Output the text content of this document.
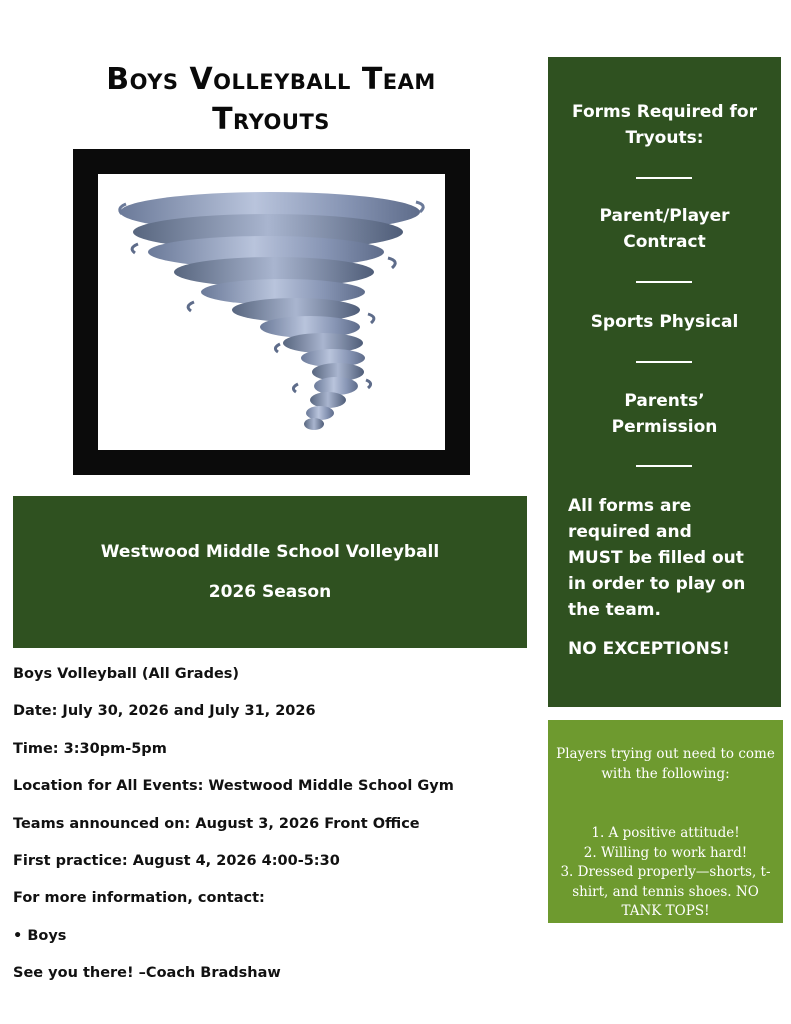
Boys Volleyball Team
Tryouts
Westwood Middle School Volleyball
2026 Season
Boys Volleyball (All Grades)
Date: July 30, 2026 and July 31, 2026
Time: 3:30pm-5pm
Location for All Events: Westwood Middle School Gym
Teams announced on: August 3, 2026 Front Office
First practice: August 4, 2026 4:00-5:30
For more information, contact:
• Boys
See you there! –Coach Bradshaw
Forms Required for
Tryouts:
Parent/Player
Contract
Sports Physical
Parents’
Permission
All forms are
required and
MUST be filled out
in order to play on
the team.
NO EXCEPTIONS!
Players trying out need to come with the following:
1. A positive attitude!
2. Willing to work hard!
3. Dressed properly—shorts, t-shirt, and tennis shoes. NO TANK TOPS!
